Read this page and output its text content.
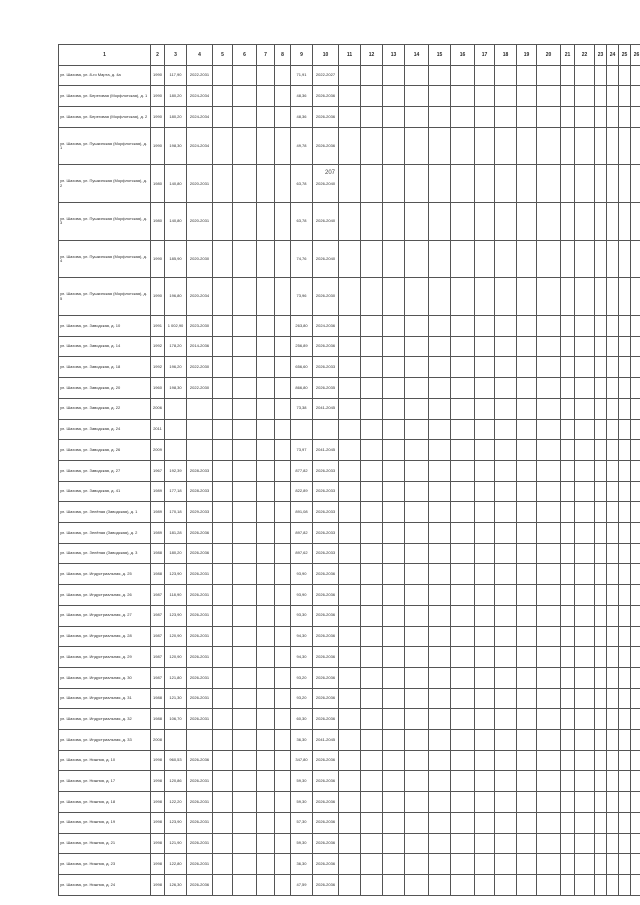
207
1	2	3	4	5	6	7	8	9	10	11	12	13	14	15	16	17	18	19	20	21	22	23	24	25	26
ул. Шахова, ул. 8-го Марта, д. 4а	1990	117,90	2022-2031					71,91	2022-2027																
ул. Шахова, ул. Береговая (Морфлотская), д. 1	1990	180,20	2024-2034					48,36	2026-2036																
ул. Шахова, ул. Береговая (Морфлотская), д. 2	1990	180,20	2024-2034					48,36	2026-2036																
ул. Шахова, ул. Пушкинская (Морфлотская), д. 1	1990	198,30	2024-2034					49,78	2026-2036																
ул. Шахова, ул. Пушкинская (Морфлотская), д. 2	1980	140,80	2020-2031					63,78	2026-2040																
ул. Шахова, ул. Пушкинская (Морфлотская), д. 3	1980	140,80	2020-2031					63,78	2026-2040																
ул. Шахова, ул. Пушкинская (Морфлотская), д. 4	1990	185,90	2020-2030					74,76	2026-2040																
ул. Шахова, ул. Пушкинская (Морфлотская), д. 5	1990	196,80	2020-2034					73,96	2026-2030																
ул. Шахова, ул. Заводская, д. 10	1991	1 002,90	2023-2030					263,80	2024-2036																
ул. Шахова, ул. Заводская, д. 14	1992	178,20	2014-2036					256,89	2026-2036																
ул. Шахова, ул. Заводская, д. 18	1992	196,20	2022-2030					656,60	2026-2033																
ул. Шахова, ул. Заводская, д. 20	1960	198,30	2022-2030					866,80	2026-2035																
ул. Шахова, ул. Заводская, д. 22	2006							73,38	2041-2045																
ул. Шахова, ул. Заводская, д. 24	2011																								
ул. Шахова, ул. Заводская, д. 26	2009							73,97	2041-2045																
ул. Шахова, ул. Заводская, д. 27	1967	192,39	2028-2033					877,82	2026-2033																
ул. Шахова, ул. Заводская, д. 41	1989	177,18	2028-2033					822,89	2026-2033																
ул. Шахова, ул. Зелёная (Заводская), д. 1	1989	170,18	2029-2033					891,08	2026-2033																
ул. Шахова, ул. Зелёная (Заводская), д. 2	1989	181,28	2026-2036					897,82	2026-2033																
ул. Шахова, ул. Зелёная (Заводская), д. 3	1988	180,20	2026-2036					897,62	2026-2033																
ул. Шахова, ул. Индустриальная, д. 25	1988	123,90	2026-2031					93,90	2026-2036																
ул. Шахова, ул. Индустриальная, д. 26	1987	118,90	2026-2031					93,90	2026-2036																
ул. Шахова, ул. Индустриальная, д. 27	1987	123,90	2026-2031					93,30	2026-2036																
ул. Шахова, ул. Индустриальная, д. 28	1987	120,90	2026-2031					94,30	2026-2036																
ул. Шахова, ул. Индустриальная, д. 29	1987	120,90	2026-2031					94,30	2026-2036																
ул. Шахова, ул. Индустриальная, д. 30	1987	121,80	2026-2031					93,20	2026-2036																
ул. Шахова, ул. Индустриальная, д. 31	1988	121,30	2026-2031					93,20	2026-2036																
ул. Шахова, ул. Индустриальная, д. 32	1988	106,70	2026-2031					60,30	2026-2036																
ул. Шахова, ул. Индустриальная, д. 33	2008							36,30	2041-2045																
ул. Шахова, ул. Нижняя, д. 10	1998	960,53	2026-2036					347,80	2026-2036																
ул. Шахова, ул. Нижняя, д. 17	1998	120,86	2026-2031					59,30	2026-2036																
ул. Шахова, ул. Нижняя, д. 18	1998	122,20	2026-2031					59,30	2026-2036																
ул. Шахова, ул. Нижняя, д. 19	1998	123,90	2026-2031					57,30	2026-2036																
ул. Шахова, ул. Нижняя, д. 21	1998	121,90	2026-2031					59,30	2026-2036																
ул. Шахова, ул. Нижняя, д. 23	1998	122,80	2026-2031					36,30	2026-2036																
ул. Шахова, ул. Нижняя, д. 24	1998	126,30	2026-2036					47,59	2026-2036																
